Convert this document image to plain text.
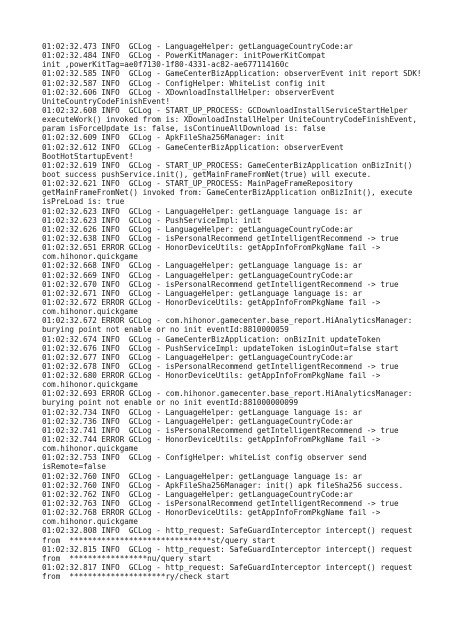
01:02:32.473 INFO  GCLog - LanguageHelper: getLanguageCountryCode:ar
01:02:32.484 INFO  GCLog - PowerKitManager: initPowerKitCompat
init ,powerKitTag=ae0f7130-1f80-4331-ac82-ae677114160c
01:02:32.585 INFO  GCLog - GameCenterBizApplication: observerEvent init report SDK!
01:02:32.587 INFO  GCLog - ConfigHelper: WhiteList config init
01:02:32.606 INFO  GCLog - XDownloadInstallHelper: observerEvent
UniteCountryCodeFinishEvent!
01:02:32.608 INFO  GCLog - START_UP_PROCESS: GCDownloadInstallServiceStartHelper
executeWork() invoked from is: XDownloadInstallHelper UniteCountryCodeFinishEvent,
param isForceUpdate is: false, isContinueAllDownload is: false
01:02:32.609 INFO  GCLog - ApkFileSha256Manager: init
01:02:32.612 INFO  GCLog - GameCenterBizApplication: observerEvent
BootHotStartupEvent!
01:02:32.619 INFO  GCLog - START_UP_PROCESS: GameCenterBizApplication onBizInit()
boot success pushService.init(), getMainFrameFromNet(true) will execute.
01:02:32.621 INFO  GCLog - START_UP_PROCESS: MainPageFrameRepository
getMainFrameFromNet() invoked from: GameCenterBizApplication onBizInit(), execute
isPreLoad is: true
01:02:32.623 INFO  GCLog - LanguageHelper: getLanguage language is: ar
01:02:32.623 INFO  GCLog - PushServiceImpl: init
01:02:32.626 INFO  GCLog - LanguageHelper: getLanguageCountryCode:ar
01:02:32.638 INFO  GCLog - isPersonalRecommend getIntelligentRecommend -> true
01:02:32.651 ERROR GCLog - HonorDeviceUtils: getAppInfoFromPkgName fail ->
com.hihonor.quickgame
01:02:32.668 INFO  GCLog - LanguageHelper: getLanguage language is: ar
01:02:32.669 INFO  GCLog - LanguageHelper: getLanguageCountryCode:ar
01:02:32.670 INFO  GCLog - isPersonalRecommend getIntelligentRecommend -> true
01:02:32.671 INFO  GCLog - LanguageHelper: getLanguage language is: ar
01:02:32.672 ERROR GCLog - HonorDeviceUtils: getAppInfoFromPkgName fail ->
com.hihonor.quickgame
01:02:32.672 ERROR GCLog - com.hihonor.gamecenter.base_report.HiAnalyticsManager:
burying point not enable or no init eventId:8810000059
01:02:32.674 INFO  GCLog - GameCenterBizApplication: onBizInit updateToken
01:02:32.676 INFO  GCLog - PushServiceImpl: updateToken isLoginOut=false start
01:02:32.677 INFO  GCLog - LanguageHelper: getLanguageCountryCode:ar
01:02:32.678 INFO  GCLog - isPersonalRecommend getIntelligentRecommend -> true
01:02:32.680 ERROR GCLog - HonorDeviceUtils: getAppInfoFromPkgName fail ->
com.hihonor.quickgame
01:02:32.693 ERROR GCLog - com.hihonor.gamecenter.base_report.HiAnalyticsManager:
burying point not enable or no init eventId:881000000099
01:02:32.734 INFO  GCLog - LanguageHelper: getLanguage language is: ar
01:02:32.736 INFO  GCLog - LanguageHelper: getLanguageCountryCode:ar
01:02:32.741 INFO  GCLog - isPersonalRecommend getIntelligentRecommend -> true
01:02:32.744 ERROR GCLog - HonorDeviceUtils: getAppInfoFromPkgName fail ->
com.hihonor.quickgame
01:02:32.753 INFO  GCLog - ConfigHelper: whiteList config observer send
isRemote=false
01:02:32.760 INFO  GCLog - LanguageHelper: getLanguage language is: ar
01:02:32.760 INFO  GCLog - ApkFileSha256Manager: init() apk fileSha256 success.
01:02:32.762 INFO  GCLog - LanguageHelper: getLanguageCountryCode:ar
01:02:32.763 INFO  GCLog - isPersonalRecommend getIntelligentRecommend -> true
01:02:32.768 ERROR GCLog - HonorDeviceUtils: getAppInfoFromPkgName fail ->
com.hihonor.quickgame
01:02:32.808 INFO  GCLog - http_request: SafeGuardInterceptor intercept() request
from  *******************************st/query start
01:02:32.815 INFO  GCLog - http_request: SafeGuardInterceptor intercept() request
from  *****************nu/query start
01:02:32.817 INFO  GCLog - http_request: SafeGuardInterceptor intercept() request
from  *********************ry/check start
